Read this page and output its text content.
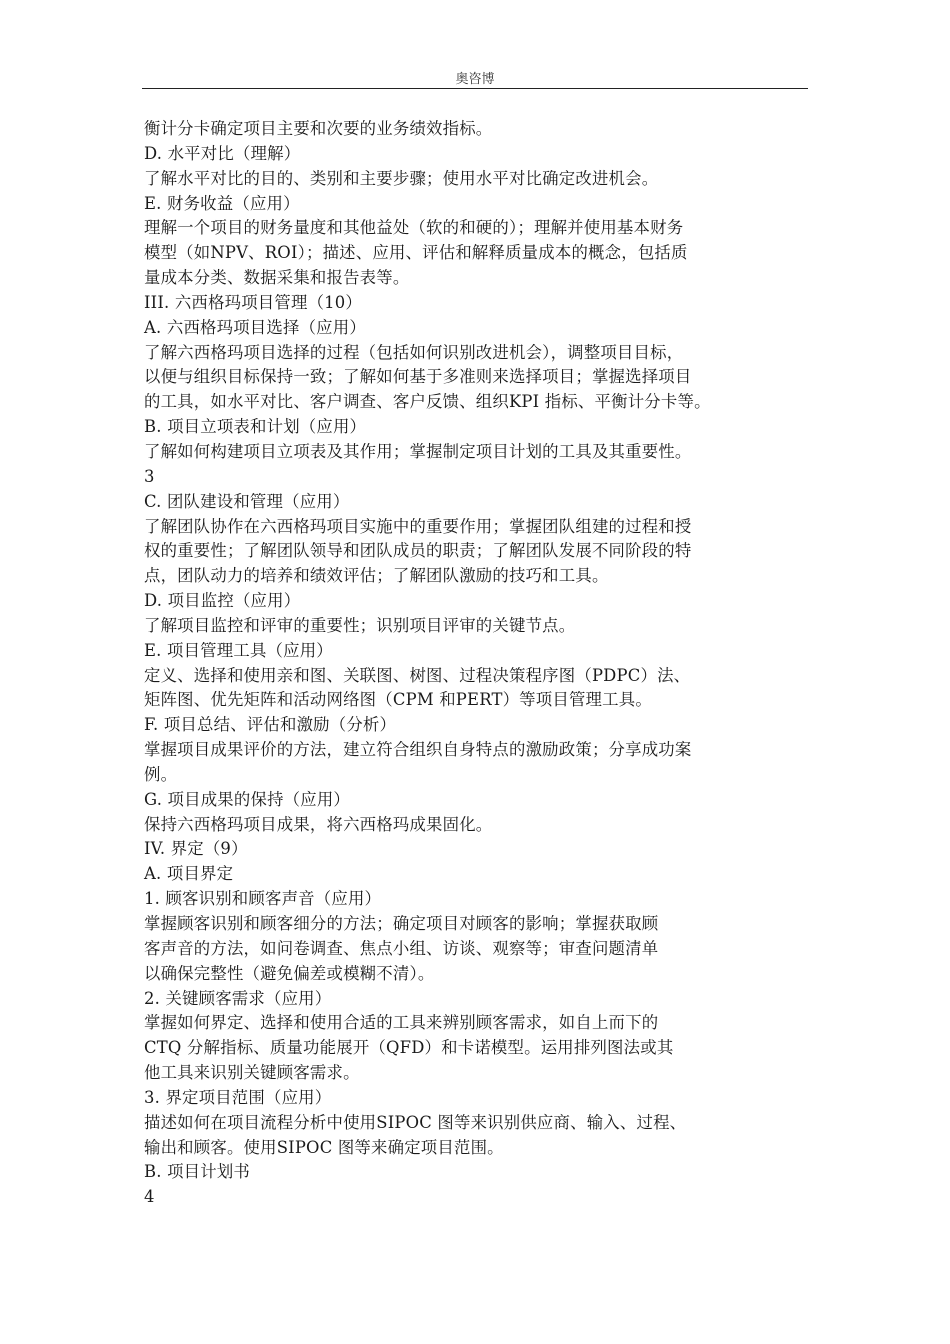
奥咨博
衡计分卡确定项目主要和次要的业务绩效指标。
D. 水平对比（理解）
了解水平对比的目的、类别和主要步骤；使用水平对比确定改进机会。
E. 财务收益（应用）
理解一个项目的财务量度和其他益处（软的和硬的）；理解并使用基本财务
模型（如NPV、ROI）；描述、应用、评估和解释质量成本的概念，包括质
量成本分类、数据采集和报告表等。
III. 六西格玛项目管理（10）
A. 六西格玛项目选择（应用）
了解六西格玛项目选择的过程（包括如何识别改进机会），调整项目目标，
以便与组织目标保持一致；了解如何基于多准则来选择项目；掌握选择项目
的工具，如水平对比、客户调查、客户反馈、组织KPI 指标、平衡计分卡等。
B. 项目立项表和计划（应用）
了解如何构建项目立项表及其作用；掌握制定项目计划的工具及其重要性。
3
C. 团队建设和管理（应用）
了解团队协作在六西格玛项目实施中的重要作用；掌握团队组建的过程和授
权的重要性；了解团队领导和团队成员的职责；了解团队发展不同阶段的特
点，团队动力的培养和绩效评估；了解团队激励的技巧和工具。
D. 项目监控（应用）
了解项目监控和评审的重要性；识别项目评审的关键节点。
E. 项目管理工具（应用）
定义、选择和使用亲和图、关联图、树图、过程决策程序图（PDPC）法、
矩阵图、优先矩阵和活动网络图（CPM 和PERT）等项目管理工具。
F. 项目总结、评估和激励（分析）
掌握项目成果评价的方法，建立符合组织自身特点的激励政策；分享成功案
例。
G. 项目成果的保持（应用）
保持六西格玛项目成果，将六西格玛成果固化。
IV. 界定（9）
A. 项目界定
1. 顾客识别和顾客声音（应用）
掌握顾客识别和顾客细分的方法；确定项目对顾客的影响；掌握获取顾
客声音的方法，如问卷调查、焦点小组、访谈、观察等；审查问题清单
以确保完整性（避免偏差或模糊不清）。
2. 关键顾客需求（应用）
掌握如何界定、选择和使用合适的工具来辨别顾客需求，如自上而下的
CTQ 分解指标、质量功能展开（QFD）和卡诺模型。运用排列图法或其
他工具来识别关键顾客需求。
3. 界定项目范围（应用）
描述如何在项目流程分析中使用SIPOC 图等来识别供应商、输入、过程、
输出和顾客。使用SIPOC 图等来确定项目范围。
B. 项目计划书
4
